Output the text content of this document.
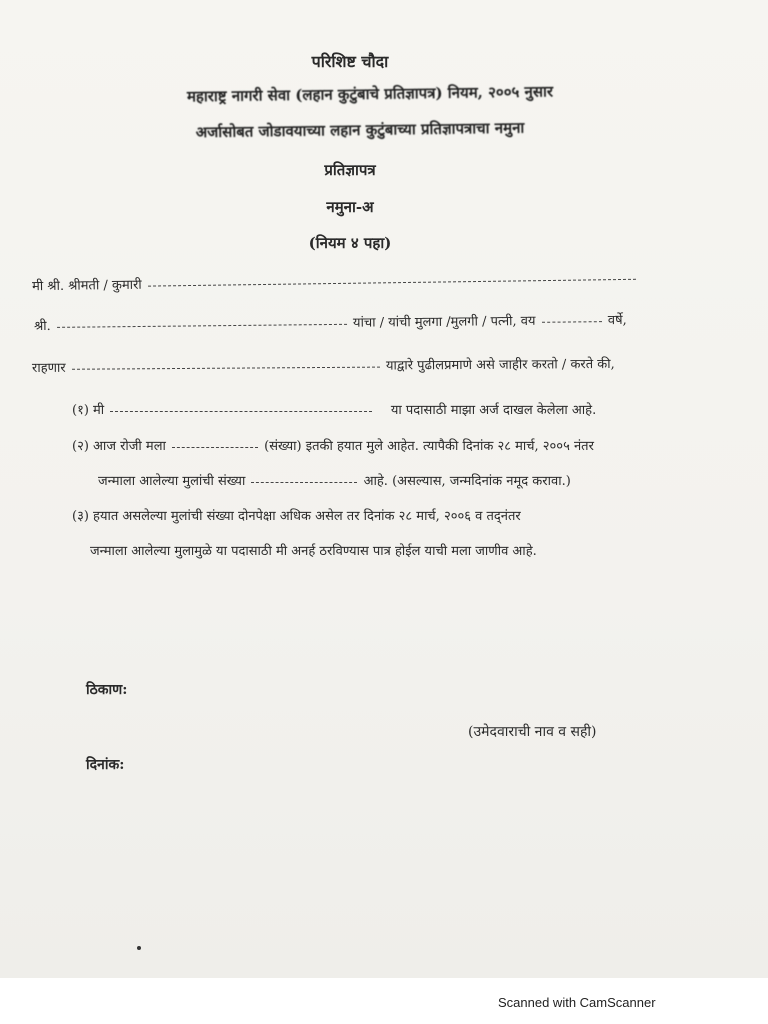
परिशिष्ट चौदा
महाराष्ट्र नागरी सेवा (लहान कुटुंबाचे प्रतिज्ञापत्र) नियम, २००५ नुसार
अर्जासोबत जोडावयाच्या लहान कुटुंबाच्या प्रतिज्ञापत्राचा नमुना
प्रतिज्ञापत्र
नमुना-अ
(नियम ४ पहा)
मी श्री. श्रीमती / कुमारी
श्री.	यांचा / यांची मुलगा /मुलगी / पत्नी, वय	वर्षे,
राहणार	याद्वारे पुढीलप्रमाणे असे जाहीर करतो / करते की,
(१) मी	या पदासाठी माझा अर्ज दाखल केलेला आहे.
(२) आज रोजी मला	(संख्या) इतकी हयात मुले आहेत. त्यापैकी दिनांक २८ मार्च, २००५ नंतर
जन्माला आलेल्या मुलांची संख्या	आहे. (असल्यास, जन्मदिनांक नमूद करावा.)
(३) हयात असलेल्या मुलांची संख्या दोनपेक्षा अधिक असेल तर दिनांक २८ मार्च, २००६ व तद्नंतर
जन्माला आलेल्या मुलामुळे या पदासाठी मी अनर्ह ठरविण्यास पात्र होईल याची मला जाणीव आहे.
ठिकाण:
(उमेदवाराची नाव व सही)
दिनांक:
Scanned with CamScanner
